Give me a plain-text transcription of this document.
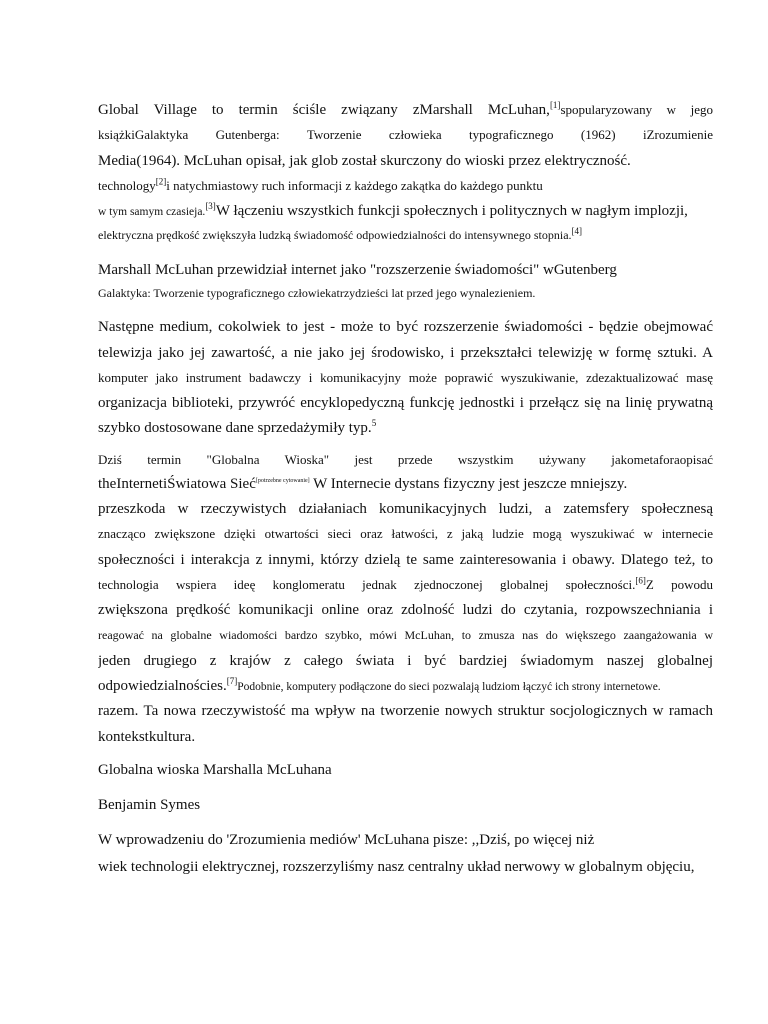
Global Village to termin ściśle związany zMarshall McLuhan,[1]spopularyzowany w jego
książkiGalaktyka Gutenberga: Tworzenie człowieka typograficznego (1962) iZrozumienie
Media(1964). McLuhan opisał, jak glob został skurczony do wioski przez elektryczność.
technology[2]i natychmiastowy ruch informacji z każdego zakątka do każdego punktu
w tym samym czasieja.[3]W łączeniu wszystkich funkcji społecznych i politycznych w nagłym implozji,
elektryczna prędkość zwiększyła ludzką świadomość odpowiedzialności do intensywnego stopnia.[4]
Marshall McLuhan przewidział internet jako "rozszerzenie świadomości" wGutenberg
Galaktyka: Tworzenie typograficznego człowiekatrzydzieści lat przed jego wynalezieniem.
Następne medium, cokolwiek to jest - może to być rozszerzenie świadomości - będzie obejmować
telewizja jako jej zawartość, a nie jako jej środowisko, i przekształci telewizję w formę sztuki. A
komputer jako instrument badawczy i komunikacyjny może poprawić wyszukiwanie, zdezaktualizować masę
organizacja biblioteki, przywróć encyklopedyczną funkcję jednostki i przełącz się na linię prywatną
szybko dostosowane dane sprzedażymiły typ.$^5$
Dziś termin "Globalna Wioska" jest przede wszystkim używany jakometaforaopisać
theInternetiŚwiatowa Sieć[potrzebne cytowanie] W Internecie dystans fizyczny jest jeszcze mniejszy.
przeszkoda w rzeczywistych działaniach komunikacyjnych ludzi, a zatemsfery społecznesą
znacząco zwiększone dzięki otwartości sieci oraz łatwości, z jaką ludzie mogą wyszukiwać w internecie
społeczności i interakcja z innymi, którzy dzielą te same zainteresowania i obawy. Dlatego też, to
technologia wspiera ideę konglomeratu jednak zjednoczonej globalnej społeczności.[6]Z powodu
zwiększona prędkość komunikacji online oraz zdolność ludzi do czytania, rozpowszechniania i
reagować na globalne wiadomości bardzo szybko, mówi McLuhan, to zmusza nas do większego zaangażowania w
jeden drugiego z krajów z całego świata i być bardziej świadomym naszej globalnej
odpowiedzialnościes.[7]Podobnie, komputery podłączone do sieci pozwalają ludziom łączyć ich strony internetowe.
razem. Ta nowa rzeczywistość ma wpływ na tworzenie nowych struktur socjologicznych w ramach
kontekstkultura.
Globalna wioska Marshalla McLuhana
Benjamin Symes
W wprowadzeniu do 'Zrozumienia mediów' McLuhana pisze: ,,Dziś, po więcej niż
wiek technologii elektrycznej, rozszerzyliśmy nasz centralny układ nerwowy w globalnym objęciu,
